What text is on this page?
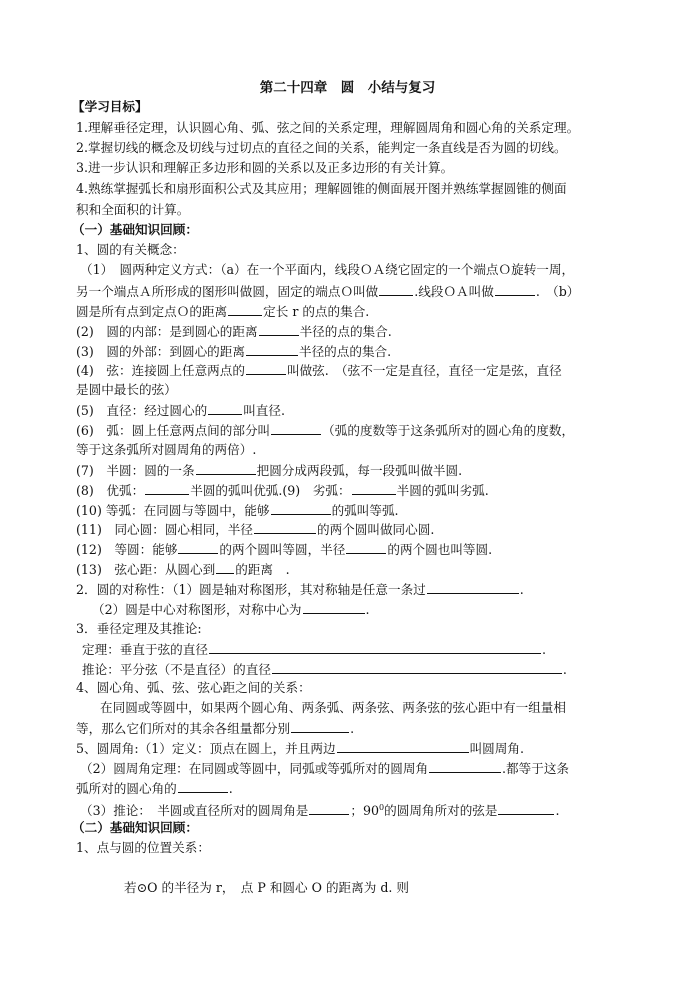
第二十四章　圆　小结与复习
【学习目标】
1.理解垂径定理，认识圆心角、弧、弦之间的关系定理，理解圆周角和圆心角的关系定理。
2.掌握切线的概念及切线与过切点的直径之间的关系，能判定一条直线是否为圆的切线。
3.进一步认识和理解正多边形和圆的关系以及正多边形的有关计算。
4.熟练掌握弧长和扇形面积公式及其应用；理解圆锥的侧面展开图并熟练掌握圆锥的侧面
积和全面积的计算。
（一）基础知识回顾：
1、圆的有关概念：
（1）　圆两种定义方式：（a）在一个平面内，线段ＯＡ绕它固定的一个端点Ｏ旋转一周，
另一个端点Ａ所形成的图形叫做圆，固定的端点Ｏ叫做	.线段ＯＡ叫做	.　（b）
圆是所有点到定点Ｏ的距离	定长 r 的点的集合.
(2)　圆的内部：是到圆心的距离	半径的点的集合.
(3)　圆的外部：到圆心的距离	半径的点的集合.
(4)　弦：连接圆上任意两点的	叫做弦.　（弦不一定是直径，直径一定是弦，直径
是圆中最长的弦）
(5)　直径：经过圆心的	叫直径.
(6)　弧：圆上任意两点间的部分叫	（弧的度数等于这条弧所对的圆心角的度数，
等于这条弧所对圆周角的两倍）.
(7)　半圆：圆的一条	把圆分成两段弧，每一段弧叫做半圆.
(8)　优弧：	半圆的弧叫优弧.(9)　劣弧：	半圆的弧叫劣弧.
(10) 等弧：在同圆与等圆中，能够	的弧叫等弧.
(11)　同心圆：圆心相同，半径	的两个圆叫做同心圆.
(12)　等圆：能够	的两个圆叫等圆，半径	的两个圆也叫等圆.
(13)　弦心距：从圆心到 的距离　.
2．圆的对称性：（1）圆是轴对称图形，其对称轴是任意一条过	.
（2）圆是中心对称图形，对称中心为	.
3．垂径定理及其推论:
定理：垂直于弦的直径	.
推论：平分弦（不是直径）的直径	.
4、圆心角、弧、弦、弦心距之间的关系：
在同圆或等圆中，如果两个圆心角、两条弧、两条弦、两条弦的弦心距中有一组量相
等，那么它们所对的其余各组量都分别	.
5、圆周角:（1）定义：顶点在圆上，并且两边	叫圆周角.
（2）圆周角定理：在同圆或等圆中，同弧或等弧所对的圆周角	.都等于这条
弧所对的圆心角的	.
（3）推论：　半圆或直径所对的圆周角是	；$90^0$的圆周角所对的弦是	.
（二）基础知识回顾：
1、点与圆的位置关系：
若⊙O 的半径为 r，　点 P 和圆心 O 的距离为 d. 则
